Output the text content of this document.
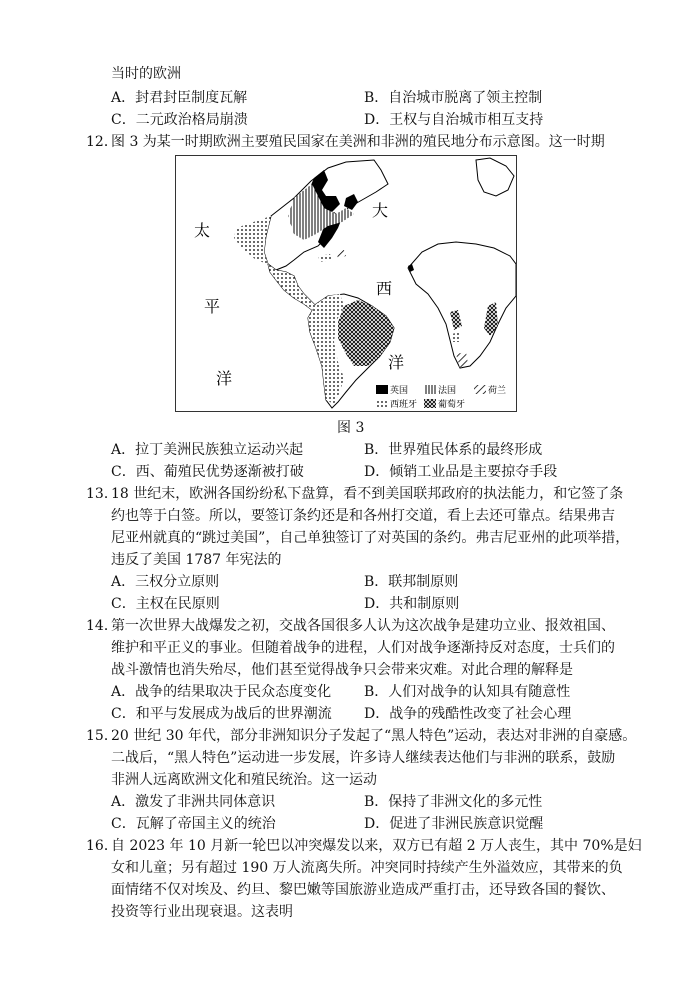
当时的欧洲
A．封君封臣制度瓦解	B．自治城市脱离了领主控制
C．二元政治格局崩溃	D．王权与自治城市相互支持
12．图 3 为某一时期欧洲主要殖民国家在美洲和非洲的殖民地分布示意图。这一时期
太
平
洋
大
西
洋
英国	法国	荷兰
西班牙 葡萄牙
图 3
A．拉丁美洲民族独立运动兴起	B．世界殖民体系的最终形成
C．西、葡殖民优势逐渐被打破	D．倾销工业品是主要掠夺手段
13．18 世纪末，欧洲各国纷纷私下盘算，看不到美国联邦政府的执法能力，和它签了条
约也等于白签。所以，要签订条约还是和各州打交道，看上去还可靠点。结果弗吉
尼亚州就真的“跳过美国”，自己单独签订了对英国的条约。弗吉尼亚州的此项举措，
违反了美国 1787 年宪法的
A．三权分立原则	B．联邦制原则
C．主权在民原则	D．共和制原则
14．第一次世界大战爆发之初，交战各国很多人认为这次战争是建功立业、报效祖国、
维护和平正义的事业。但随着战争的进程，人们对战争逐渐持反对态度，士兵们的
战斗激情也消失殆尽，他们甚至觉得战争只会带来灾难。对此合理的解释是
A．战争的结果取决于民众态度变化 B．人们对战争的认知具有随意性
C．和平与发展成为战后的世界潮流 D．战争的残酷性改变了社会心理
15．20 世纪 30 年代，部分非洲知识分子发起了“黑人特色”运动，表达对非洲的自豪感。
二战后，“黑人特色”运动进一步发展，许多诗人继续表达他们与非洲的联系，鼓励
非洲人远离欧洲文化和殖民统治。这一运动
A．激发了非洲共同体意识	B．保持了非洲文化的多元性
C．瓦解了帝国主义的统治	D．促进了非洲民族意识觉醒
16．自 2023 年 10 月新一轮巴以冲突爆发以来，双方已有超 2 万人丧生，其中 70%是妇
女和儿童；另有超过 190 万人流离失所。冲突同时持续产生外溢效应，其带来的负
面情绪不仅对埃及、约旦、黎巴嫩等国旅游业造成严重打击，还导致各国的餐饮、
投资等行业出现衰退。这表明
